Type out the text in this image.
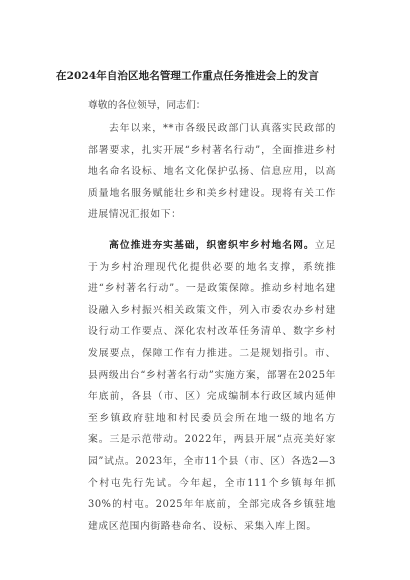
在2024年自治区地名管理工作重点任务推进会上的发言
尊敬的各位领导，同志们：
去年以来，**市各级民政部门认真落实民政部的部署要求，扎实开展“乡村著名行动”，全面推进乡村地名命名设标、地名文化保护弘扬、信息应用，以高质量地名服务赋能壮乡和美乡村建设。现将有关工作进展情况汇报如下：
高位推进夯实基础，织密织牢乡村地名网。立足于为乡村治理现代化提供必要的地名支撑，系统推进“乡村著名行动”。一是政策保障。推动乡村地名建设融入乡村振兴相关政策文件，列入市委农办乡村建设行动工作要点、深化农村改革任务清单、数字乡村发展要点，保障工作有力推进。二是规划指引。市、县两级出台“乡村著名行动”实施方案，部署在2025年年底前，各县（市、区）完成编制本行政区域内延伸至乡镇政府驻地和村民委员会所在地一级的地名方案。三是示范带动。2022年，两县开展“点亮美好家园”试点。2023年，全市11个县（市、区）各选2—3个村屯先行先试。今年起，全市111个乡镇每年抓30%的村屯。2025年年底前，全部完成各乡镇驻地建成区范围内街路巷命名、设标、采集入库上图。
